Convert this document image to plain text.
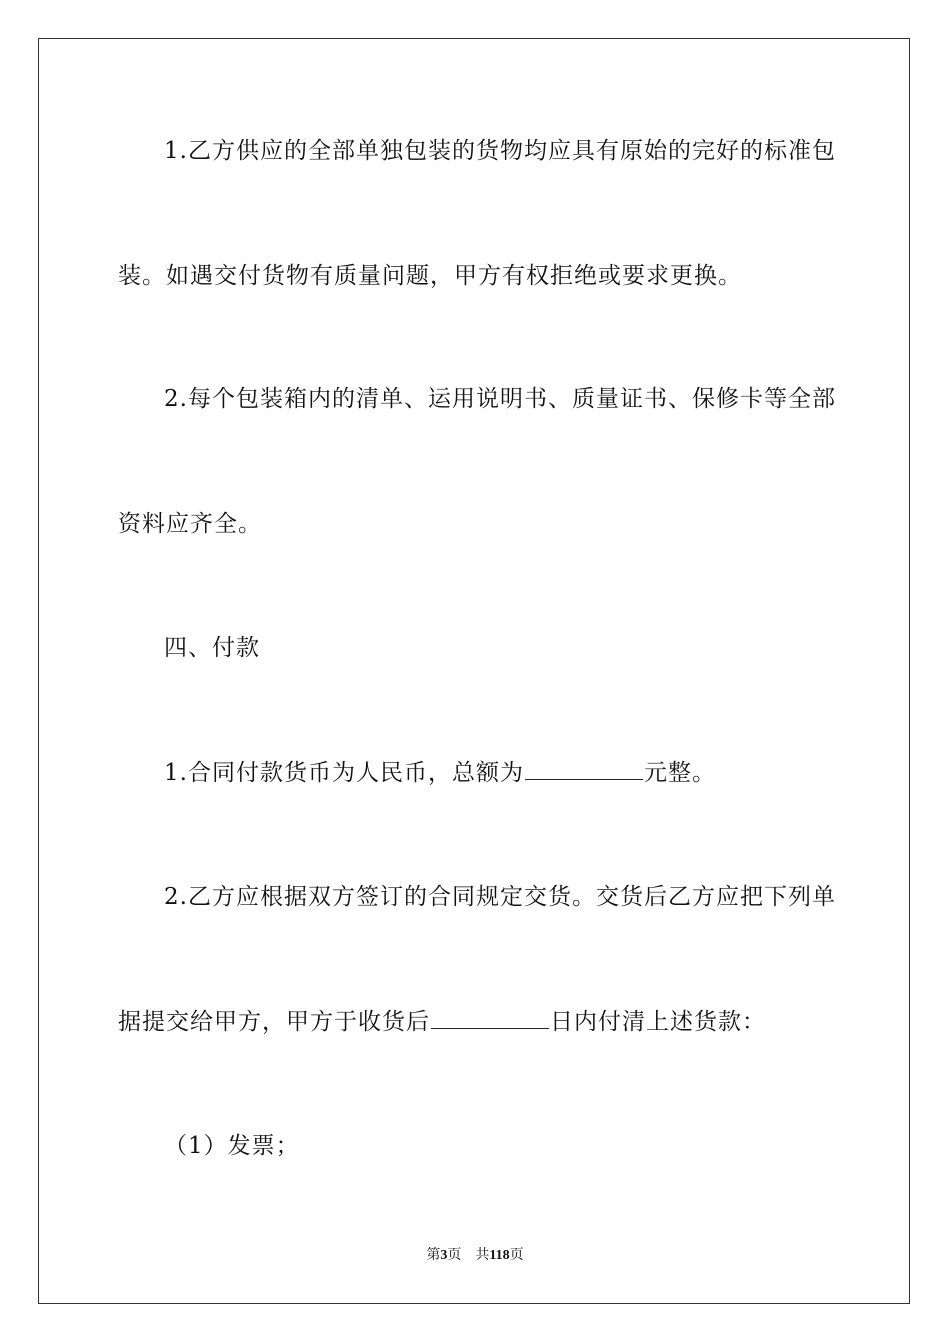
1.乙方供应的全部单独包装的货物均应具有原始的完好的标准包
装。如遇交付货物有质量问题，甲方有权拒绝或要求更换。
2.每个包装箱内的清单、运用说明书、质量证书、保修卡等全部
资料应齐全。
四、付款
1.合同付款货币为人民币，总额为	元整。
2.乙方应根据双方签订的合同规定交货。交货后乙方应把下列单
据提交给甲方，甲方于收货后	日内付清上述货款：
（1）发票；
第3页 共118页
